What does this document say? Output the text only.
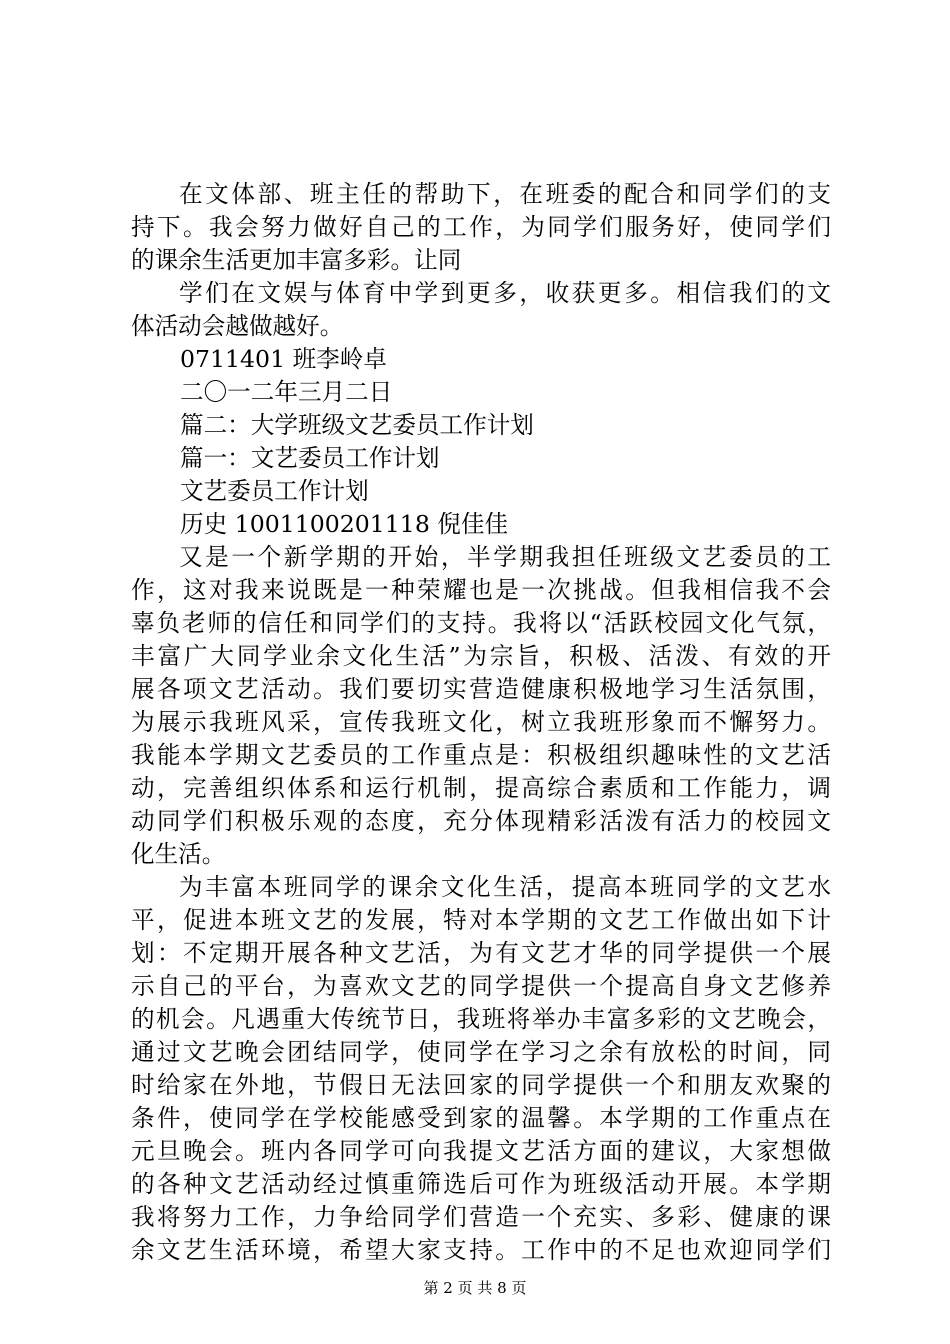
在文体部、班主任的帮助下，在班委的配合和同学们的支
持下。我会努力做好自己的工作，为同学们服务好，使同学们
的课余生活更加丰富多彩。让同
学们在文娱与体育中学到更多，收获更多。相信我们的文
体活动会越做越好。
0711401 班李岭卓
二〇一二年三月二日
篇二：大学班级文艺委员工作计划
篇一：文艺委员工作计划
文艺委员工作计划
历史 1001100201118 倪佳佳
又是一个新学期的开始，半学期我担任班级文艺委员的工
作，这对我来说既是一种荣耀也是一次挑战。但我相信我不会
辜负老师的信任和同学们的支持。我将以“活跃校园文化气氛，
丰富广大同学业余文化生活”为宗旨，积极、活泼、有效的开
展各项文艺活动。我们要切实营造健康积极地学习生活氛围，
为展示我班风采，宣传我班文化，树立我班形象而不懈努力。
我能本学期文艺委员的工作重点是：积极组织趣味性的文艺活
动，完善组织体系和运行机制，提高综合素质和工作能力，调
动同学们积极乐观的态度，充分体现精彩活泼有活力的校园文
化生活。
为丰富本班同学的课余文化生活，提高本班同学的文艺水
平，促进本班文艺的发展，特对本学期的文艺工作做出如下计
划：不定期开展各种文艺活，为有文艺才华的同学提供一个展
示自己的平台，为喜欢文艺的同学提供一个提高自身文艺修养
的机会。凡遇重大传统节日，我班将举办丰富多彩的文艺晚会，
通过文艺晚会团结同学，使同学在学习之余有放松的时间，同
时给家在外地，节假日无法回家的同学提供一个和朋友欢聚的
条件，使同学在学校能感受到家的温馨。本学期的工作重点在
元旦晚会。班内各同学可向我提文艺活方面的建议，大家想做
的各种文艺活动经过慎重筛选后可作为班级活动开展。本学期
我将努力工作，力争给同学们营造一个充实、多彩、健康的课
余文艺生活环境，希望大家支持。工作中的不足也欢迎同学们
第 2 页 共 8 页
